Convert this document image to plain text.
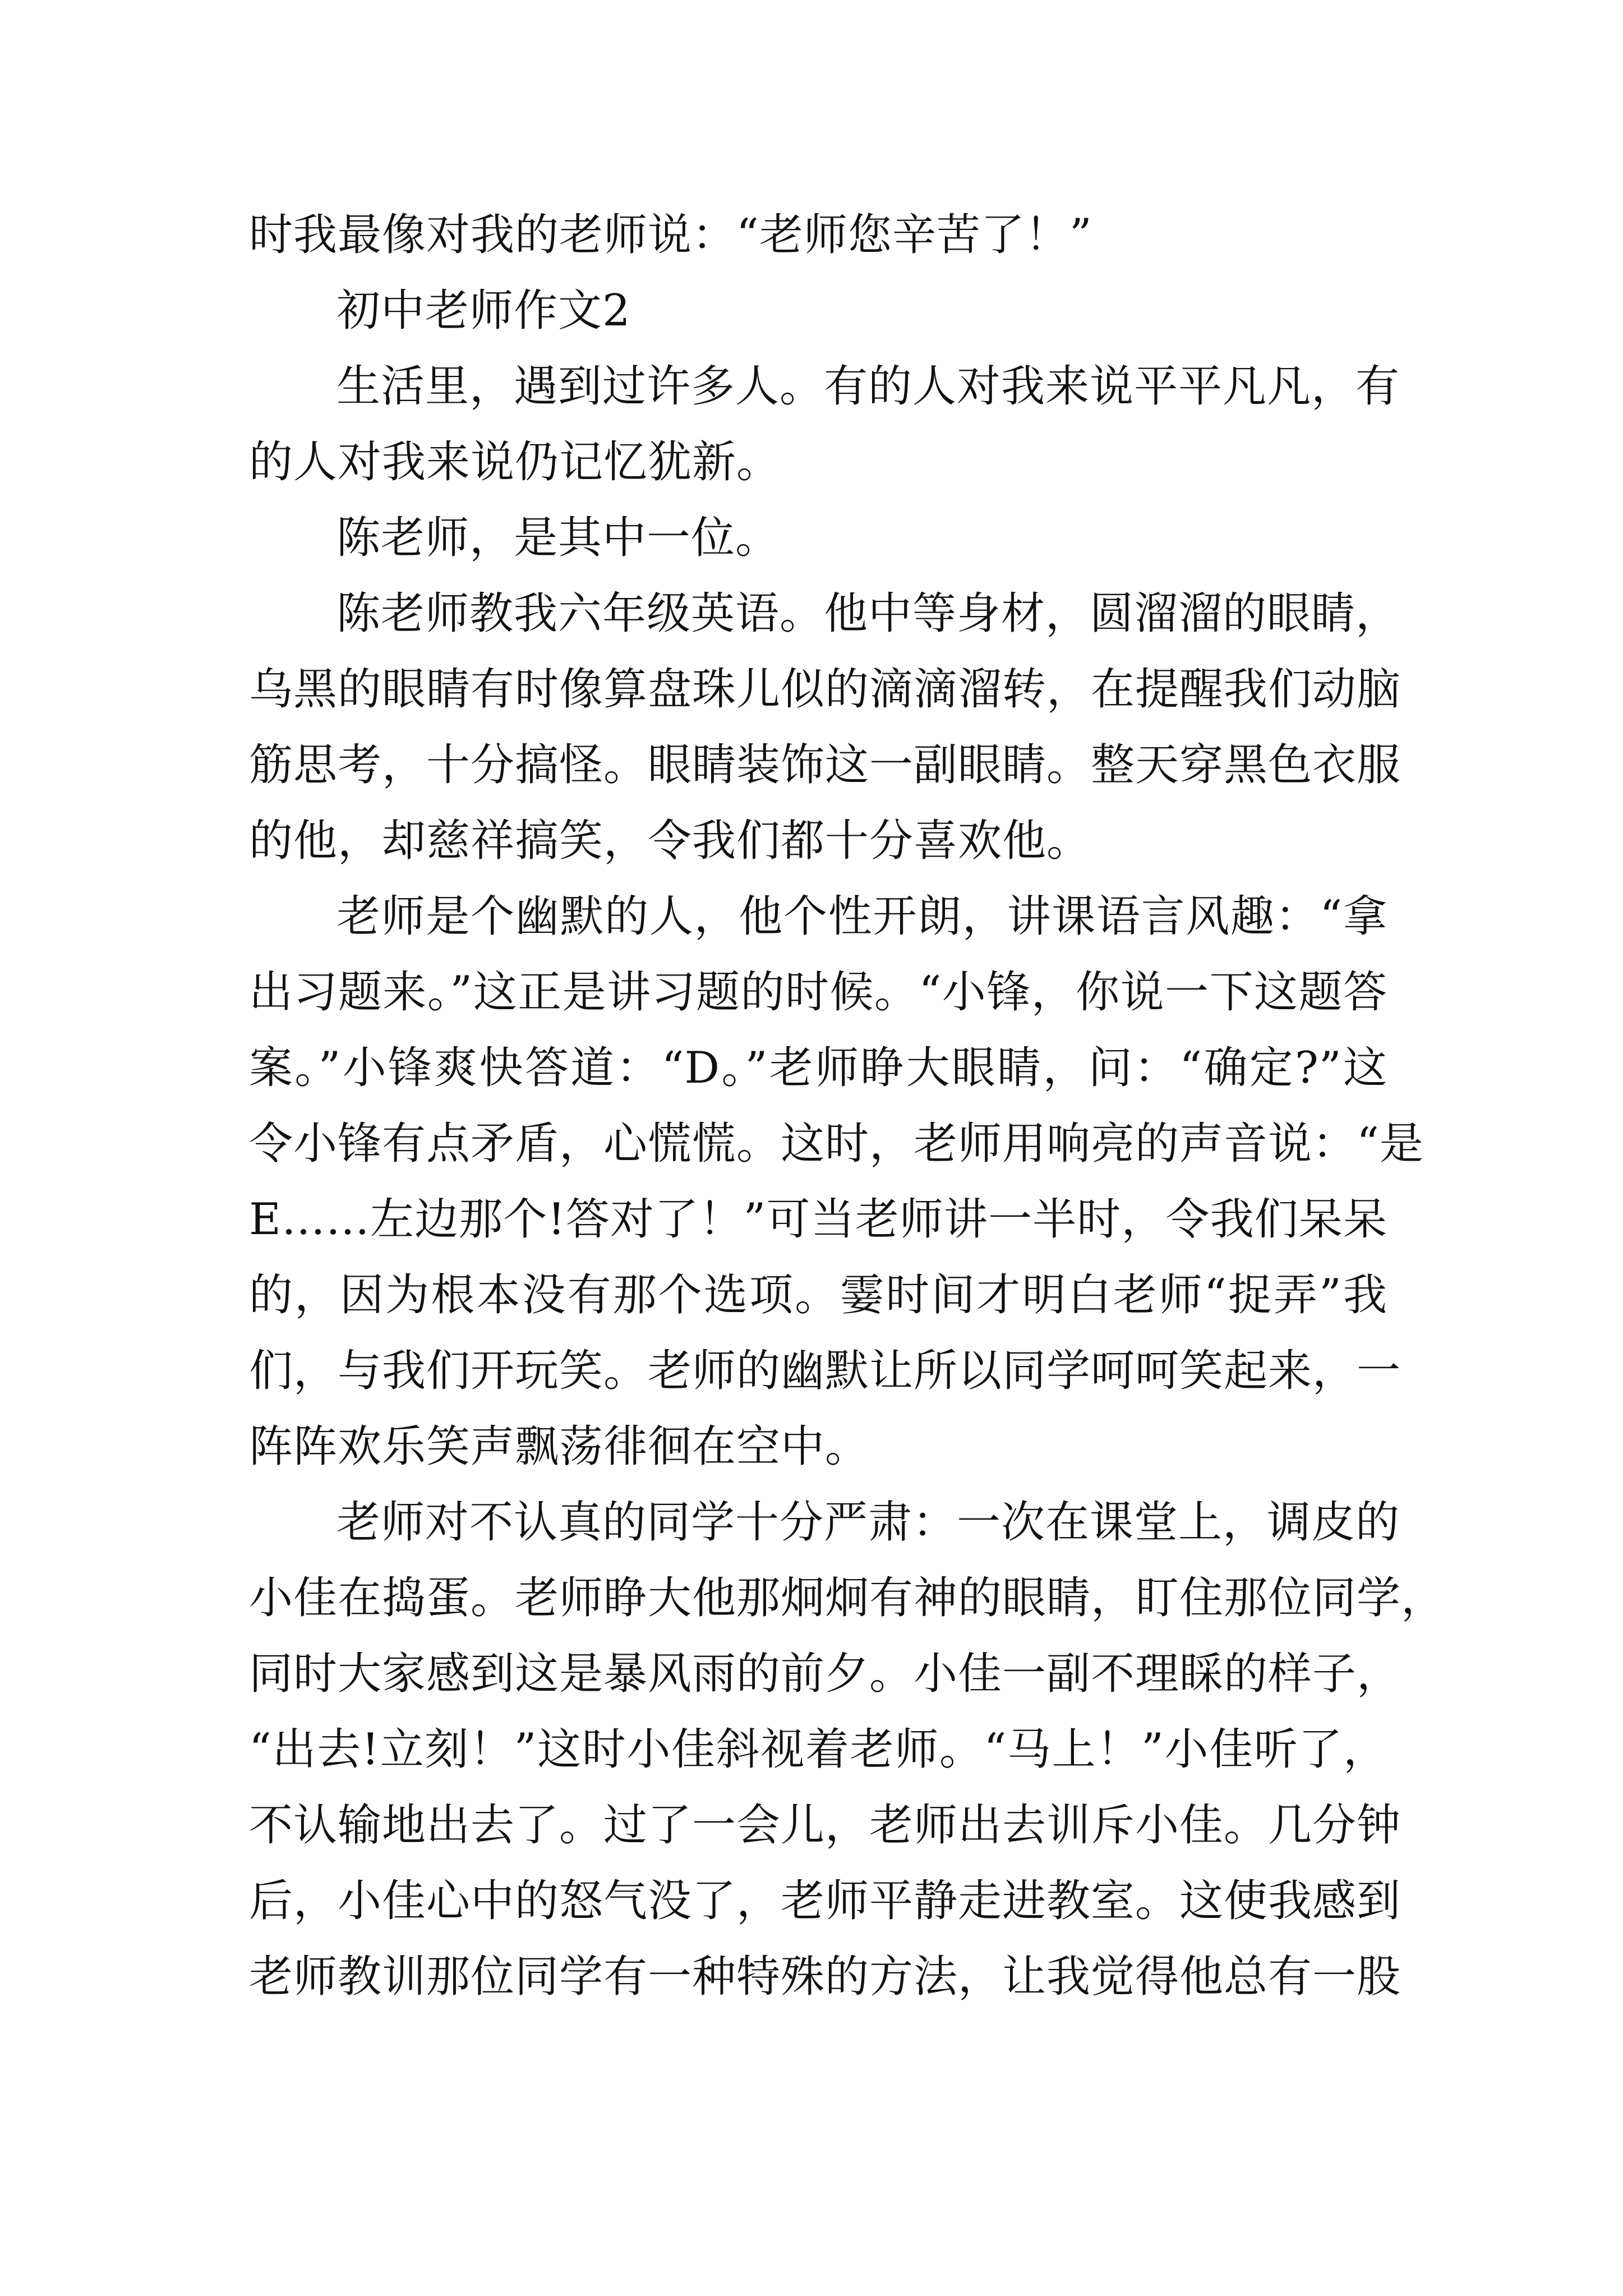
时我最像对我的老师说：“老师您辛苦了！”
初中老师作文2
生活里，遇到过许多人。有的人对我来说平平凡凡，有
的人对我来说仍记忆犹新。
陈老师，是其中一位。
陈老师教我六年级英语。他中等身材，圆溜溜的眼睛，
乌黑的眼睛有时像算盘珠儿似的滴滴溜转，在提醒我们动脑
筋思考，十分搞怪。眼睛装饰这一副眼睛。整天穿黑色衣服
的他，却慈祥搞笑，令我们都十分喜欢他。
老师是个幽默的人，他个性开朗，讲课语言风趣：“拿
出习题来。”这正是讲习题的时候。“小锋，你说一下这题答
案。”小锋爽快答道：“D。”老师睁大眼睛，问：“确定?”这
令小锋有点矛盾，心慌慌。这时，老师用响亮的声音说：“是
E……左边那个!答对了！”可当老师讲一半时，令我们呆呆
的，因为根本没有那个选项。霎时间才明白老师“捉弄”我
们，与我们开玩笑。老师的幽默让所以同学呵呵笑起来，一
阵阵欢乐笑声飘荡徘徊在空中。
老师对不认真的同学十分严肃：一次在课堂上，调皮的
小佳在捣蛋。老师睁大他那炯炯有神的眼睛，盯住那位同学，
同时大家感到这是暴风雨的前夕。小佳一副不理睬的样子，
“出去!立刻！”这时小佳斜视着老师。“马上！”小佳听了，
不认输地出去了。过了一会儿，老师出去训斥小佳。几分钟
后，小佳心中的怒气没了，老师平静走进教室。这使我感到
老师教训那位同学有一种特殊的方法，让我觉得他总有一股
